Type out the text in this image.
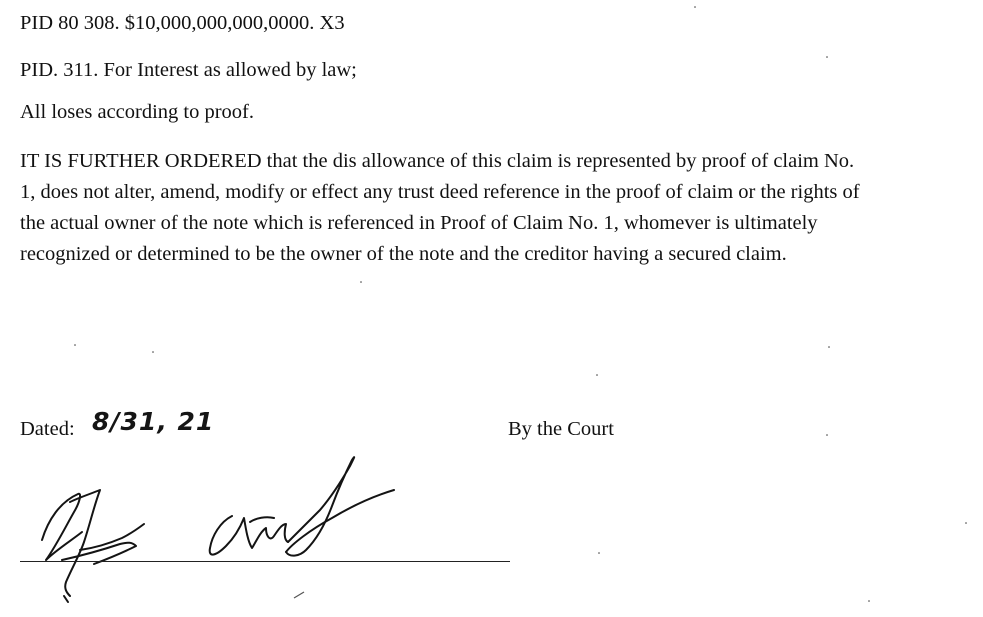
PID 80 308. $10,000,000,000,0000. X3

PID. 311. For Interest as allowed by law;

All loses according to proof.

IT IS FURTHER ORDERED that the dis allowance of this claim is represented by proof of claim No.
1, does not alter, amend, modify or effect any trust deed reference in the proof of claim or the rights of
the actual owner of the note which is referenced in Proof of Claim No. 1, whomever is ultimately
recognized or determined to be the owner of the note and the creditor having a secured claim.

Dated: 8/31, 21	By the Court
